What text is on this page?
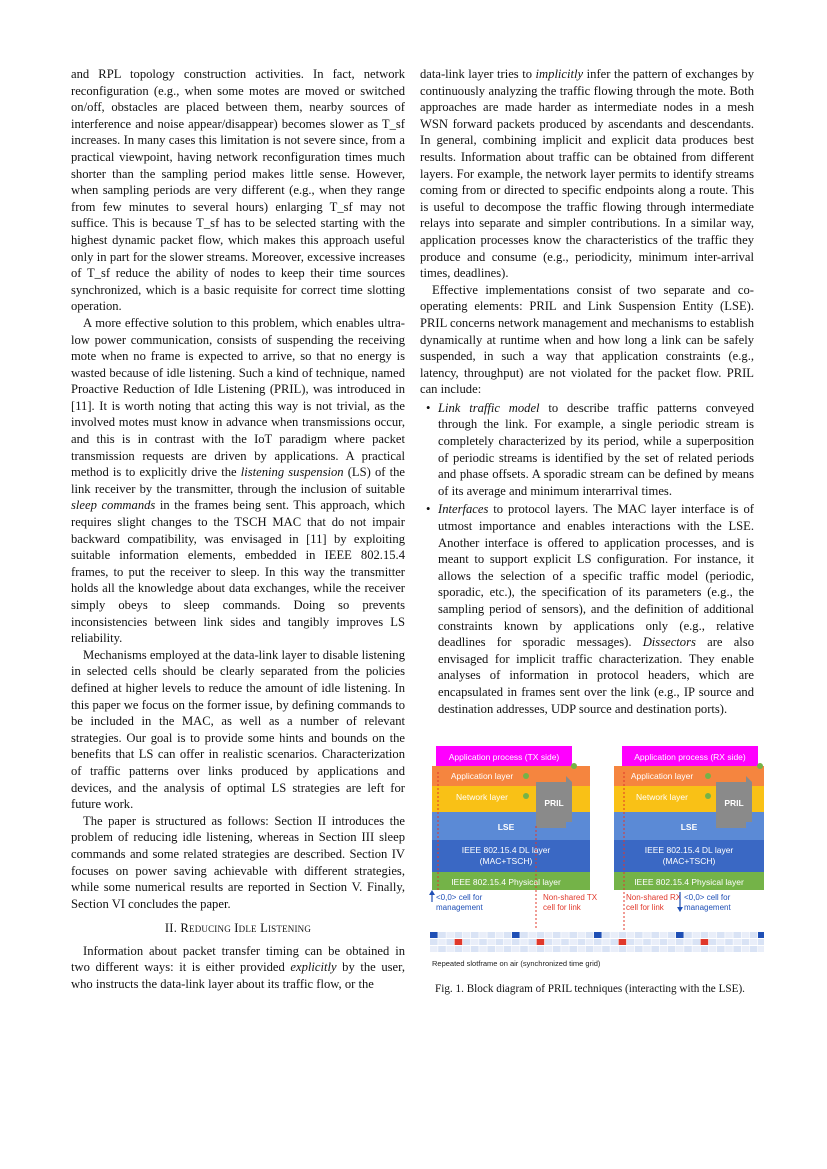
and RPL topology construction activities. In fact, network reconfiguration (e.g., when some motes are moved or switched on/off, obstacles are placed between them, nearby sources of interference and noise appear/disappear) becomes slower as T_sf increases. In many cases this limitation is not severe since, from a practical viewpoint, having network reconfiguration times much shorter than the sampling period makes little sense. However, when sampling periods are very different (e.g., when they range from few minutes to several hours) enlarging T_sf may not suffice. This is because T_sf has to be selected starting with the highest dynamic packet flow, which makes this approach useful only in part for the slower streams. Moreover, excessive increases of T_sf reduce the ability of nodes to keep their time sources synchronized, which is a basic requisite for correct time slotting operation.

A more effective solution to this problem, which enables ultra-low power communication, consists of suspending the receiving mote when no frame is expected to arrive, so that no energy is wasted because of idle listening. Such a kind of technique, named Proactive Reduction of Idle Listening (PRIL), was introduced in [11]. It is worth noting that acting this way is not trivial, as the involved motes must know in advance when transmissions occur, and this is in contrast with the IoT paradigm where packet transmission requests are driven by applications. A practical method is to explicitly drive the listening suspension (LS) of the link receiver by the transmitter, through the inclusion of suitable sleep commands in the frames being sent. This approach, which requires slight changes to the TSCH MAC that do not impair backward compatibility, was envisaged in [11] by exploiting suitable information elements, embedded in IEEE 802.15.4 frames, to put the receiver to sleep. In this way the transmitter holds all the knowledge about data exchanges, while the receiver simply obeys to sleep commands. Doing so prevents inconsistencies between link sides and tangibly improves LS reliability.

Mechanisms employed at the data-link layer to disable listening in selected cells should be clearly separated from the policies defined at higher levels to reduce the amount of idle listening. In this paper we focus on the former issue, by defining commands to be included in the MAC, as well as a number of relevant strategies. Our goal is to provide some hints and bounds on the benefits that LS can offer in realistic scenarios. Characterization of traffic patterns over links produced by applications and devices, and the analysis of optimal LS strategies are left for future work.

The paper is structured as follows: Section II introduces the problem of reducing idle listening, whereas in Section III sleep commands and some related strategies are described. Section IV focuses on power saving achievable with different strategies, while some numerical results are reported in Section V. Finally, Section VI concludes the paper.

II. Reducing Idle Listening

Information about packet transfer timing can be obtained in two different ways: it is either provided explicitly by the user, who instructs the data-link layer about its traffic flow, or the

data-link layer tries to implicitly infer the pattern of exchanges by continuously analyzing the traffic flowing through the mote. Both approaches are made harder as intermediate nodes in a mesh WSN forward packets produced by ascendants and descendants. In general, combining implicit and explicit data produces best results. Information about traffic can be obtained from different layers. For example, the network layer permits to identify streams coming from or directed to specific endpoints along a route. This is useful to decompose the traffic flowing through intermediate relays into separate and simpler contributions. In a similar way, application processes know the characteristics of the traffic they produce and consume (e.g., periodicity, minimum inter-arrival times, deadlines).

Effective implementations consist of two separate and co-operating elements: PRIL and Link Suspension Entity (LSE). PRIL concerns network management and mechanisms to establish dynamically at runtime when and how long a link can be safely suspended, in such a way that application constraints (e.g., latency, throughput) are not violated for the packet flow. PRIL can include:

• Link traffic model to describe traffic patterns conveyed through the link. For example, a single periodic stream is completely characterized by its period, while a superposition of periodic streams is identified by the set of related periods and phase offsets. A sporadic stream can be defined by means of its average and minimum interarrival times.
• Interfaces to protocol layers. The MAC layer interface is of utmost importance and enables interactions with the LSE. Another interface is offered to application processes, and is meant to support explicit LS configuration. For instance, it allows the selection of a specific traffic model (periodic, sporadic, etc.), the specification of its parameters (e.g., the sampling period of sensors), and the definition of additional constraints known by applications only (e.g., relative deadlines for sporadic messages). Dissectors are also envisaged for implicit traffic characterization. They enable analyses of information in protocol headers, which are encapsulated in frames sent over the link (e.g., IP source and destination addresses, UDP source and destination ports).
Application process (TX side)
Application layer
Network layer
LSE
IEEE 802.15.4 DL layer
(MAC+TSCH)
IEEE 802.15.4 Physical layer
PRIL
Application process (RX side)
Application layer
Network layer
LSE
IEEE 802.15.4 DL layer
(MAC+TSCH)
IEEE 802.15.4 Physical layer
PRIL
<0,0> cell for
management
Non-shared TX
cell for link
Non-shared RX
cell for link
<0,0> cell for
management
Repeated slotframe on air (synchronized time grid)
Fig. 1. Block diagram of PRIL techniques (interacting with the LSE).
